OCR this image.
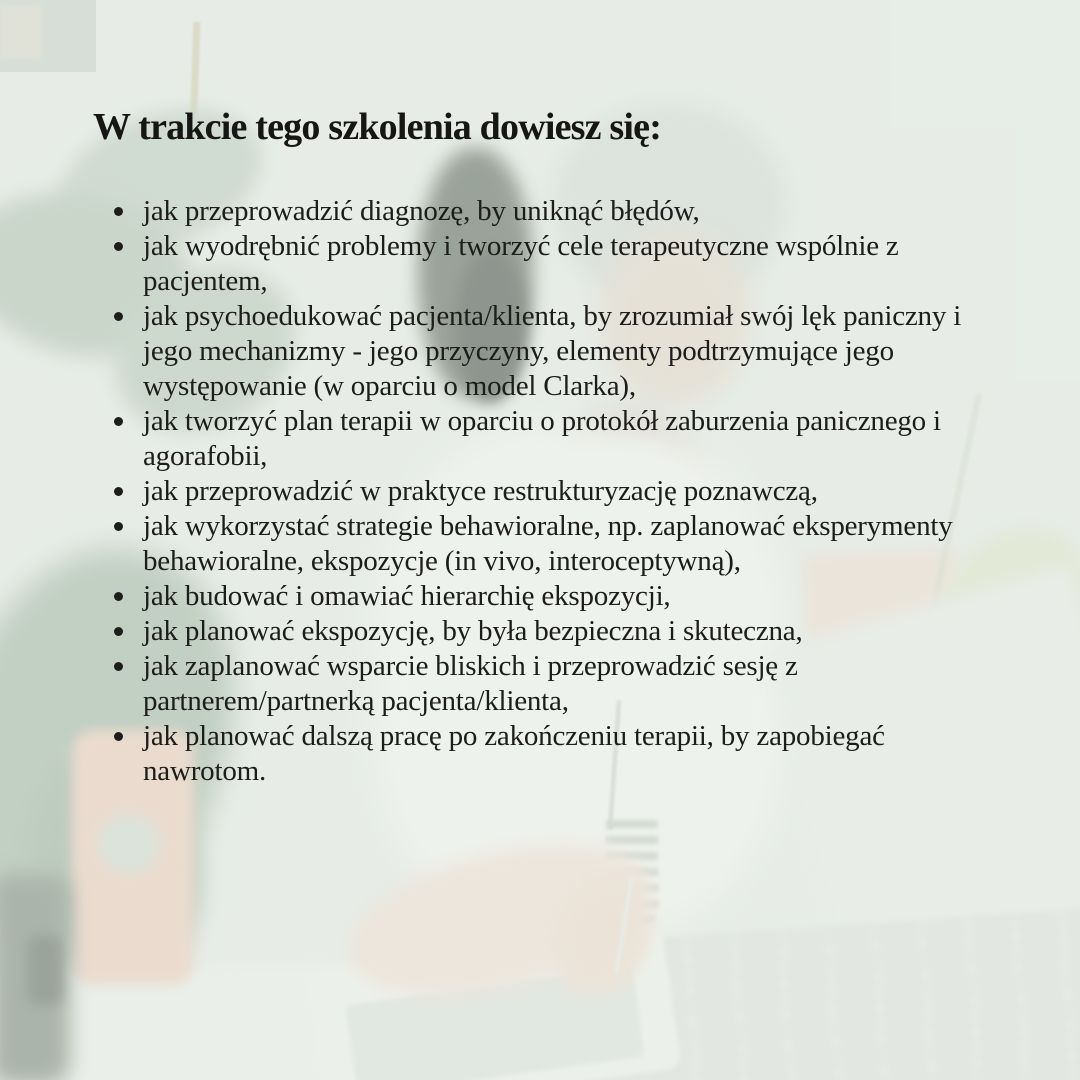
W trakcie tego szkolenia dowiesz się:
jak przeprowadzić diagnozę, by uniknąć błędów,
jak wyodrębnić problemy i tworzyć cele terapeutyczne wspólnie z pacjentem,
jak psychoedukować pacjenta/klienta, by zrozumiał swój lęk paniczny i jego mechanizmy - jego przyczyny, elementy podtrzymujące jego występowanie (w oparciu o model Clarka),
jak tworzyć plan terapii w oparciu o protokół zaburzenia panicznego i agorafobii,
jak przeprowadzić w praktyce restrukturyzację poznawczą,
jak wykorzystać strategie behawioralne, np. zaplanować eksperymenty behawioralne, ekspozycje (in vivo, interoceptywną),
jak budować i omawiać hierarchię ekspozycji,
jak planować ekspozycję, by była bezpieczna i skuteczna,
jak zaplanować wsparcie bliskich i przeprowadzić sesję z partnerem/partnerką pacjenta/klienta,
jak planować dalszą pracę po zakończeniu terapii, by zapobiegać nawrotom.
